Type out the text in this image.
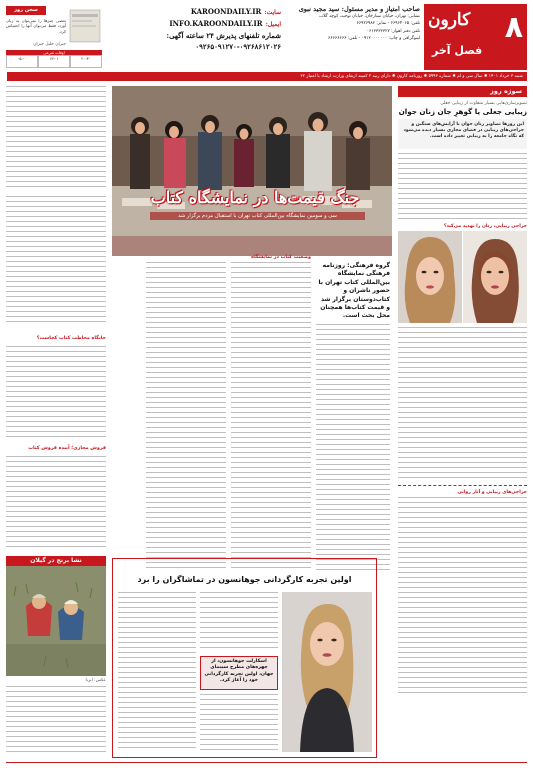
۸
کارون
فصل آخر
صاحب امتیاز و مدیر مسئول: سید مجید نبوی
نشانی: تهران، خیابان ستارخان، خیابان توحید، کوچه گلاب
تلفن: ۶۶۹۶۴۰۶۵ - نمابر: ۶۶۹۲۶۹۸۳
تلفن دفتر اهواز: ۰۶۱۳۳۳۳۳۲۷
لیتوگرافی و چاپ: ۰۹۱۲۰۰۰۰۰۰۰ - تلفن: ۶۶۶۶۶۶۶۶
سایت:KAROONDAILY.IR
ایمیل:INFO.KAROONDAILY.IR
شماره تلفنهای پذیرش ۲۴ ساعته آگهی:
۰۹۲۶۵۰۹۱۲۷۰-۰۹۲۶۸۶۱۲۰۲۶
سخن روز
بعضی چیزها را نمی‌توان به زبان آورد، فقط می‌توان آنها را احساس کرد.
جبران خلیل جبران
اوقات شرعی
۲۰:۳۰
۱۳:۰۱
۰۵:۰۰
شنبه ۳ خرداد ۱۴۰۱ ✹ سال سی و ام ✹ شماره ۵۹۹۳ ✹ روزنامه کارون ✹ دارای رتبه ۲ کمیته ارتقای وزارت ارشاد با امتیاز ۳۲
سوژه روز
تصویرسازی‌هایی بسیار متفاوت از زیبایی جعلی
زیبایی جعلی یا گوهرِ جان زنان جوان
این روزها تصاویر زنان جوان با آرایش‌های سنگین و جراحی‌های زیبایی در فضای مجازی بسیار دیده می‌شود که نگاه جامعه را به زیبایی تغییر داده است.
جراحی زیبایی، زنان را تهدید می‌کند؟
جراحی‌های زیبایی و آثار روانی
جنگ قیمت‌ها در نمایشگاه کتاب
سی و سومین نمایشگاه بین‌المللی کتاب تهران با استقبال مردم برگزار شد
گروه فرهنگی: روزنامه فرهنگی نمایشگاه بین‌المللی کتاب تهران با حضور ناشران و کتاب‌دوستان برگزار شد و قیمت کتاب‌ها همچنان محل بحث است.
وضعیت کتاب در نمایشگاه
جایگاه مخاطب کتاب کجاست؟
فروش مجازی؛ آینده فروش کتاب
اولین تجربه کارگردانی جوهانسون در تماشاگران را برد
اسکارلت جوهانسون، از چهره‌های مطرح سینمای جهان، اولین تجربه کارگردانی خود را آغاز کرد.
نشا برنج در گیلان
عکس: ایرنا
